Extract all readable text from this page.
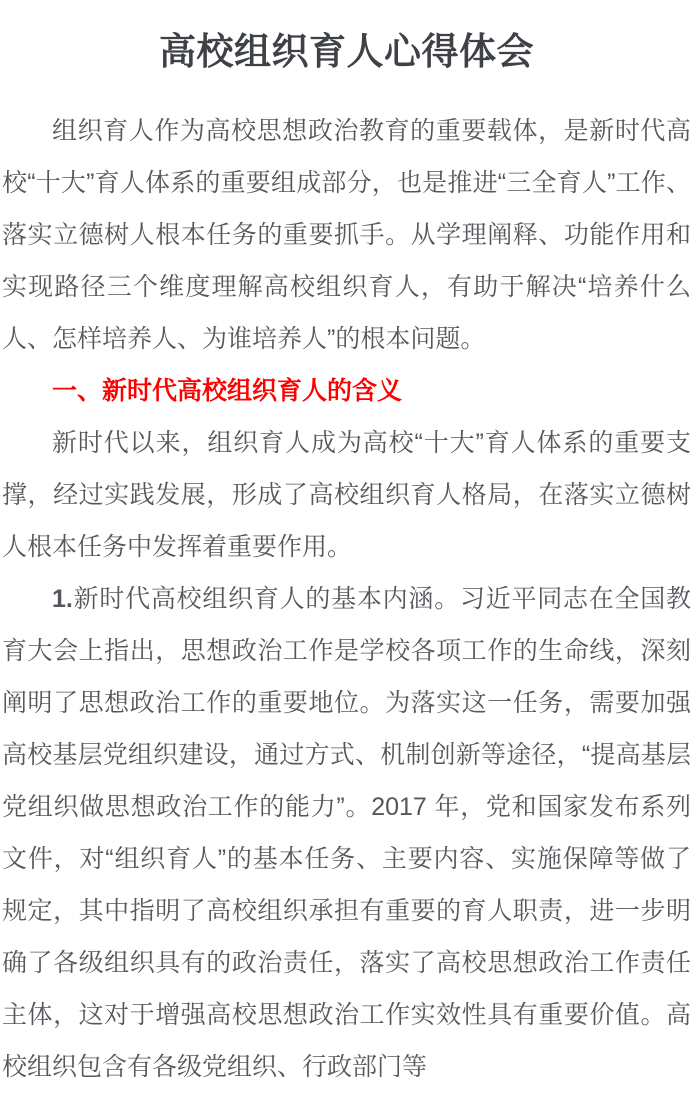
高校组织育人心得体会

组织育人作为高校思想政治教育的重要载体，是新时代高校“十大”育人体系的重要组成部分，也是推进“三全育人”工作、落实立德树人根本任务的重要抓手。从学理阐释、功能作用和实现路径三个维度理解高校组织育人，有助于解决“培养什么人、怎样培养人、为谁培养人”的根本问题。

一、新时代高校组织育人的含义

新时代以来，组织育人成为高校“十大”育人体系的重要支撑，经过实践发展，形成了高校组织育人格局，在落实立德树人根本任务中发挥着重要作用。

1.新时代高校组织育人的基本内涵。习近平同志在全国教育大会上指出，思想政治工作是学校各项工作的生命线，深刻阐明了思想政治工作的重要地位。为落实这一任务，需要加强高校基层党组织建设，通过方式、机制创新等途径，“提高基层党组织做思想政治工作的能力”。2017 年，党和国家发布系列文件，对“组织育人”的基本任务、主要内容、实施保障等做了规定，其中指明了高校组织承担有重要的育人职责，进一步明确了各级组织具有的政治责任，落实了高校思想政治工作责任主体，这对于增强高校思想政治工作实效性具有重要价值。高校组织包含有各级党组织、行政部门等
